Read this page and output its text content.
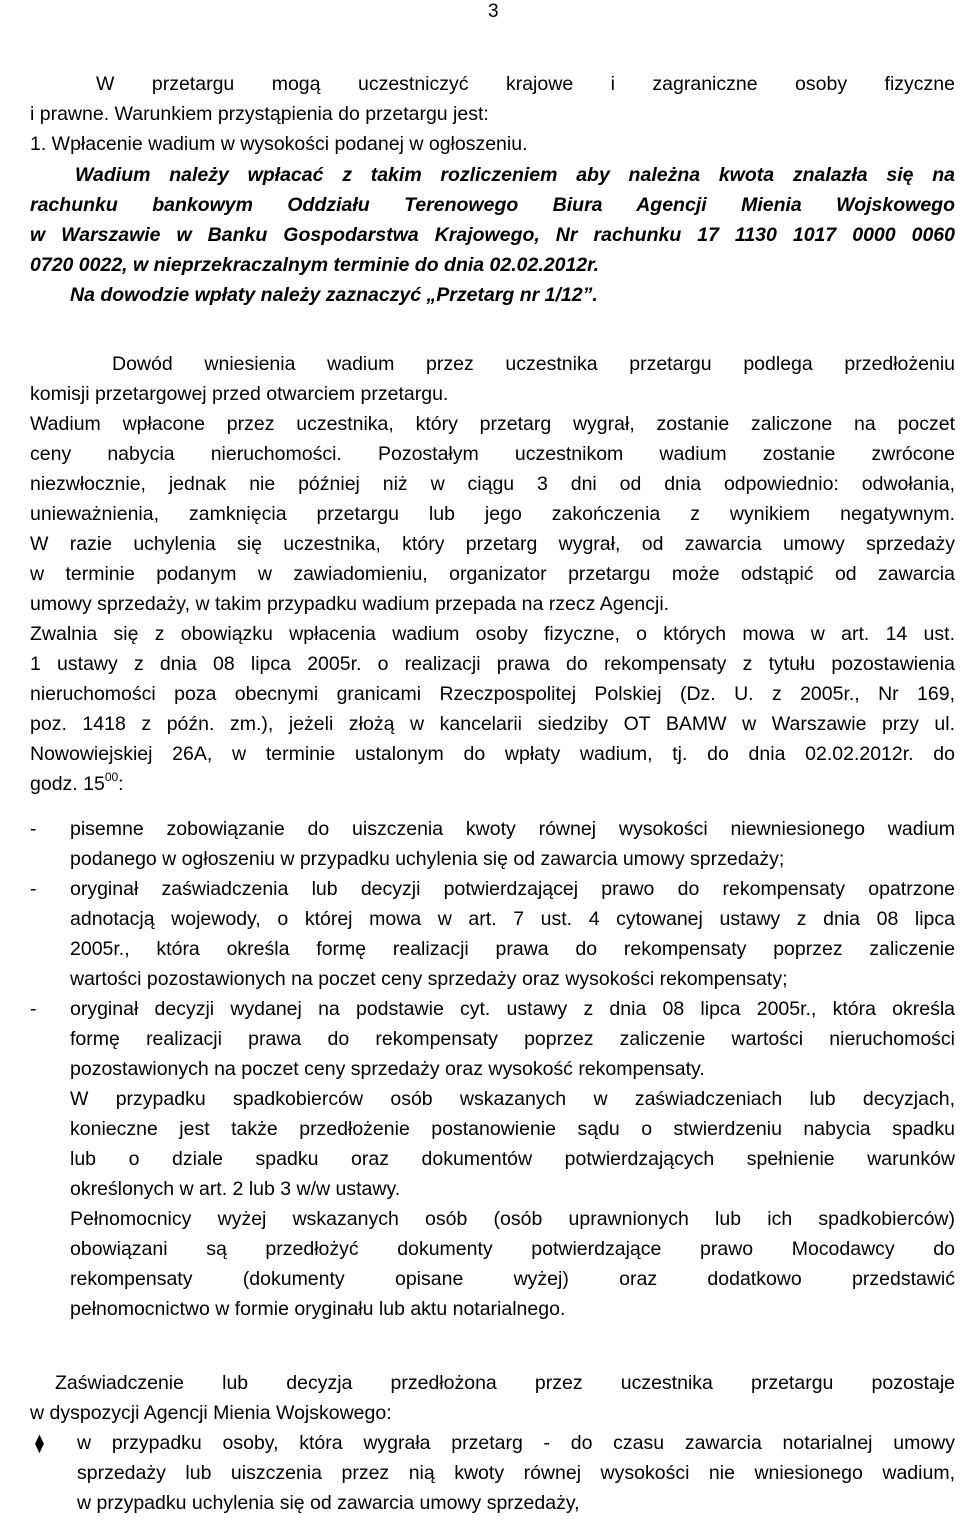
3
W przetargu mogą uczestniczyć krajowe i zagraniczne osoby fizyczne
i prawne. Warunkiem przystąpienia do przetargu jest:
1. Wpłacenie wadium w wysokości podanej w ogłoszeniu.
Wadium należy wpłacać z takim rozliczeniem aby należna kwota znalazła się na
rachunku bankowym Oddziału Terenowego Biura Agencji Mienia Wojskowego
w Warszawie w Banku Gospodarstwa Krajowego, Nr rachunku 17 1130 1017 0000 0060
0720 0022, w nieprzekraczalnym terminie do dnia 02.02.2012r.
Na dowodzie wpłaty należy zaznaczyć „Przetarg nr 1/12”.
Dowód wniesienia wadium przez uczestnika przetargu podlega przedłożeniu
komisji przetargowej przed otwarciem przetargu.
Wadium wpłacone przez uczestnika, który przetarg wygrał, zostanie zaliczone na poczet
ceny nabycia nieruchomości. Pozostałym uczestnikom wadium zostanie zwrócone
niezwłocznie, jednak nie później niż w ciągu 3 dni od dnia odpowiednio: odwołania,
unieważnienia, zamknięcia przetargu lub jego zakończenia z wynikiem negatywnym.
W razie uchylenia się uczestnika, który przetarg wygrał, od zawarcia umowy sprzedaży
w terminie podanym w zawiadomieniu, organizator przetargu może odstąpić od zawarcia
umowy sprzedaży, w takim przypadku wadium przepada na rzecz Agencji.
Zwalnia się z obowiązku wpłacenia wadium osoby fizyczne, o których mowa w art. 14 ust.
1 ustawy z dnia 08 lipca 2005r. o realizacji prawa do rekompensaty z tytułu pozostawienia
nieruchomości poza obecnymi granicami Rzeczpospolitej Polskiej (Dz. U. z 2005r., Nr 169,
poz. 1418 z późn. zm.), jeżeli złożą w kancelarii siedziby OT BAMW w Warszawie przy ul.
Nowowiejskiej 26A, w terminie ustalonym do wpłaty wadium, tj. do dnia 02.02.2012r. do
godz. $15^{00}$:
- pisemne zobowiązanie do uiszczenia kwoty równej wysokości niewniesionego wadium
podanego w ogłoszeniu w przypadku uchylenia się od zawarcia umowy sprzedaży;
- oryginał zaświadczenia lub decyzji potwierdzającej prawo do rekompensaty opatrzone
adnotacją wojewody, o której mowa w art. 7 ust. 4 cytowanej ustawy z dnia 08 lipca
2005r., która określa formę realizacji prawa do rekompensaty poprzez zaliczenie
wartości pozostawionych na poczet ceny sprzedaży oraz wysokości rekompensaty;
- oryginał decyzji wydanej na podstawie cyt. ustawy z dnia 08 lipca 2005r., która określa
formę realizacji prawa do rekompensaty poprzez zaliczenie wartości nieruchomości
pozostawionych na poczet ceny sprzedaży oraz wysokość rekompensaty.
W przypadku spadkobierców osób wskazanych w zaświadczeniach lub decyzjach,
konieczne jest także przedłożenie postanowienie sądu o stwierdzeniu nabycia spadku
lub o dziale spadku oraz dokumentów potwierdzających spełnienie warunków
określonych w art. 2 lub 3 w/w ustawy.
Pełnomocnicy wyżej wskazanych osób (osób uprawnionych lub ich spadkobierców)
obowiązani są przedłożyć dokumenty potwierdzające prawo Mocodawcy do
rekompensaty (dokumenty opisane wyżej) oraz dodatkowo przedstawić
pełnomocnictwo w formie oryginału lub aktu notarialnego.
Zaświadczenie lub decyzja przedłożona przez uczestnika przetargu pozostaje
w dyspozycji Agencji Mienia Wojskowego:
⧫ w przypadku osoby, która wygrała przetarg - do czasu zawarcia notarialnej umowy
sprzedaży lub uiszczenia przez nią kwoty równej wysokości nie wniesionego wadium,
w przypadku uchylenia się od zawarcia umowy sprzedaży,
